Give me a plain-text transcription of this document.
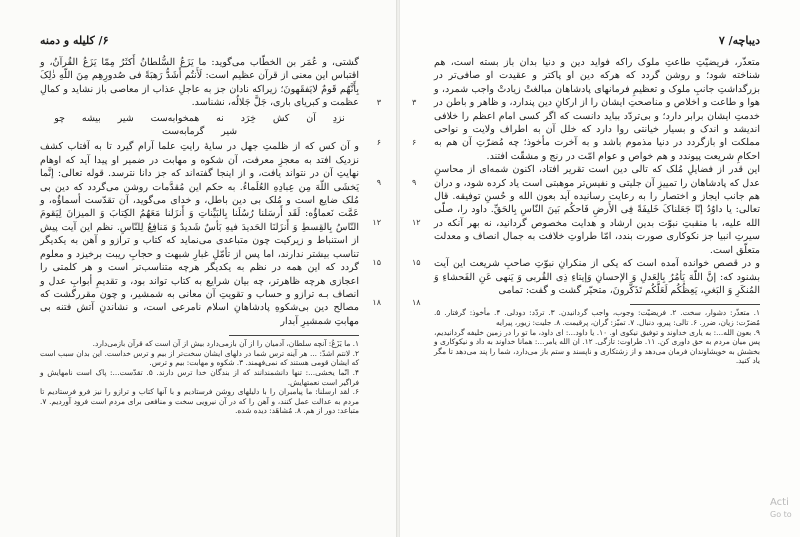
۶/ کلیله و دمنه

گشتی، و عُمَر بن الخطّاب می‌گوید: ما یَزَعُ السُّلطانُ أَکثَرُ مِمّا یَزَعُ القُرآنُ، و اقتباس این معنی از قرآن عظیم است: لَأَنتُم أَشَدُّ رَهبَةً فی صُدورِهِم مِنَ اللّهِ ذٰلِکَ بِأَنَّهُم قَومٌ لایَفقَهونَ؛ زیراکه نادان جز به عاجلِ عذاب از معاصی باز نشاید و کمالِ عظمت و کبریای باری، جَلَّ جَلالُه، نشناسد.

نزدِ آن کش خِرَد نه همخوابه‌ست شیر بیشه چو شیر گرمابه‌ست

و آن کس که از ظلمتِ جهل در سایهٔ رایتِ علما آرام گیرد تا به آفتاب کشف نزدیک افتد به معجزِ معرفت، آن شکوه و مهابت در ضمیر او پیدا آید که اوهام نهایتِ آن در نتواند یافت، و از اینجا گفته‌اند که جز دانا نترسد. قوله تعالی: إنَّما یَخشَی اللّهَ مِن عِبادِهِ العُلَماءُ. به حکم این مُقدَّمات روشن می‌گردد که دین بی مُلک ضایع است و مُلک بی دین باطل، و خدای می‌گوید، آن تقدّست أسماؤُه، و عَمَّت نَعماؤُه: لَقَد أَرسَلنا رُسُلَنا بِالبَیِّناتِ وَ أَنزَلنا مَعَهُمُ الکِتابَ وَ المیزانَ لِیَقومَ النّاسُ بِالقِسطِ وَ أَنزَلنَا الحَدیدَ فیهِ بَأسٌ شَدیدٌ وَ مَنافِعُ لِلنّاسِ. نظم این آیت پیش از استنباط و زیرکیت چون متباعدی می‌نماید که کتاب و ترازو و آهن به یکدیگر تناسب بیشتر ندارند، اما پس از تأمّلِ غبارِ شبهت و حجابِ ریبت برخیزد و معلوم گردد که این همه در نظم به یکدیگر هرچه متناسب‌تر است و هر کلمتی را اعجازی هرچه ظاهرتر، چه بیان شرایع به کتاب تواند بود، و تقدیمِ أبوابِ عدل و انصاف بـه ترازو و حساب و تقویتِ آن معانی به شمشیر، و چون مقررگشت که مصالح دین بی‌شکوهِ پادشاهانِ اسلام نامرعی است، و نشاندنِ آتش فتنه بی مهابتِ شمشیرِ آبدار

۳
۶
۹
۱۲
۱۵
۱۸

۱. ما یَزَعُ: آنچه سلطان، آدمیان را از آن بازمی‌دارد بیش از آن است که قرآن بازمی‌دارد.

۲. لانتم اشدّ: ... هر آینه ترس شما در دلهای ایشان سخت‌تر از بیم و ترس خداست. این بدان سبب است که ایشان قومی هستند که نمی‌فهمند. ۳. شکوه و مهابت: بیم و ترس.

۴. انّما یخشی...: تنها دانشمندانند که از بندگان خدا ترس دارند. ۵. تقدّست...: پاک است نامهایش و فراگیر است نعمتهایش.

۶. لقد ارسلنا: ما پیامبران را با دلیلهای روشن فرستادیم و با آنها کتاب و ترازو را نیز فرو فرستادیم تا مردم به عدالت عمل کنند، و آهن را که در آن نیرویی سخت و منافعی برای مردم است فرود آوردیم. ۷. متباعد: دور از هم. ۸. مُشاهَد: دیده شده.

دیباچه/ ۷

متعذّر، فریضیّتِ طاعتِ ملوک راکه فواید دین و دنیا بدان باز بسته است، هم شناخته شود؛ و روشن گردد که هرکه دین او پاکتر و عقیدت او صافی‌تر در بزرگداشتِ جانبِ ملوک و تعظیمِ فرمانهای پادشاهان مبالغتْ زیادتْ واجب شمرد، و هوا و طاعت و اخلاص و مناصحتِ ایشان را از ارکانِ دین پندارد، و ظاهر و باطن در خدمتِ ایشان برابر دارد؛ و بی‌تردّد بباید دانست که اگر کسی امام اعظم را خلافی اندیشد و اندک و بسیار خیانتی روا دارد که خلل آن به اطراف ولایت و نواحی مملکت او بازگردد در دنیا مذموم باشد و به آخرت مأخوذ؛ چه مُضرّتِ آن هم به احکامِ شریعت پیوندد و هم خواص و عوام امّت در رنج و مشقّت افتند.

این قدر از فضایلِ مُلک که تالی دین است تقریر افتاد، اکنون شمه‌ای از محاسنِ عدل که پادشاهان را تمییزِ آن جلیتی و نفیس‌تر موهبتی است یاد کرده شود، و دران هم جانب ایجاز و اختصار را به رعایت رسانیده آید بعون الله و حُسنِ توفیقه. قال تعالی: یا داوُدُ إنّا جَعَلناکَ خَلیفَةً فِی الأَرضِ فَاحکُم بَینَ النّاسِ بِالحَقِّ. داود را، صلّی الله علیه، با منقبتِ نبوّت بدین ارشاد و هدایت مخصوص گردانید، نه بهر آنکه در سیرتِ انبیا جز نکوکاری صورت بندد، امّا طراوتِ خلافت به جمال انصاف و معدلت متعلّق است.

و در قصص خوانده آمده است که یکی از منکرانِ نبوّتِ صاحبِ شریعت این آیت بشنود که: إنَّ اللّهَ یَأمُرُ بِالعَدلِ وَ الإحسانِ وَإیتاءِ ذِی القُربی وَ یَنهی عَنِ الفَحشاءِ وَ المُنکَرِ وَ البَغیِ، یَعِظُکُم لَعَلَّکُم تَذَکَّرونَ، متحیّر گشت و گفت: تمامی

۳
۶
۹
۱۲
۱۵
۱۸

۱. متعذّر: دشوار، سخت. ۲. فریضیّت: وجوب، واجب گردانیدن. ۳. تردّد: دودلی. ۴. مأخوذ: گرفتار. ۵. مُضرّت: زیان، ضرر. ۶. تالی: پیرو، دنبال. ۷. تمیّز: گران، پرقیمت. ۸. جلیت: زیور، پیرایه

۹. بعون الله...: به یاری خداوند و توفیق نیکوی او. ۱۰. یا داود...: ای داود، ما تو را در زمین خلیفه گردانیدیم، پس میان مردم به حق داوری کن. ۱۱. طراوت: تازگی. ۱۲. ان الله یامر...: همانا خداوند به داد و نیکوکاری و بخشش به خویشاوندان فرمان می‌دهد و از زشتکاری و ناپسند و ستم باز می‌دارد، شما را پند می‌دهد تا مگر یاد کنید.

Acti
Go to
